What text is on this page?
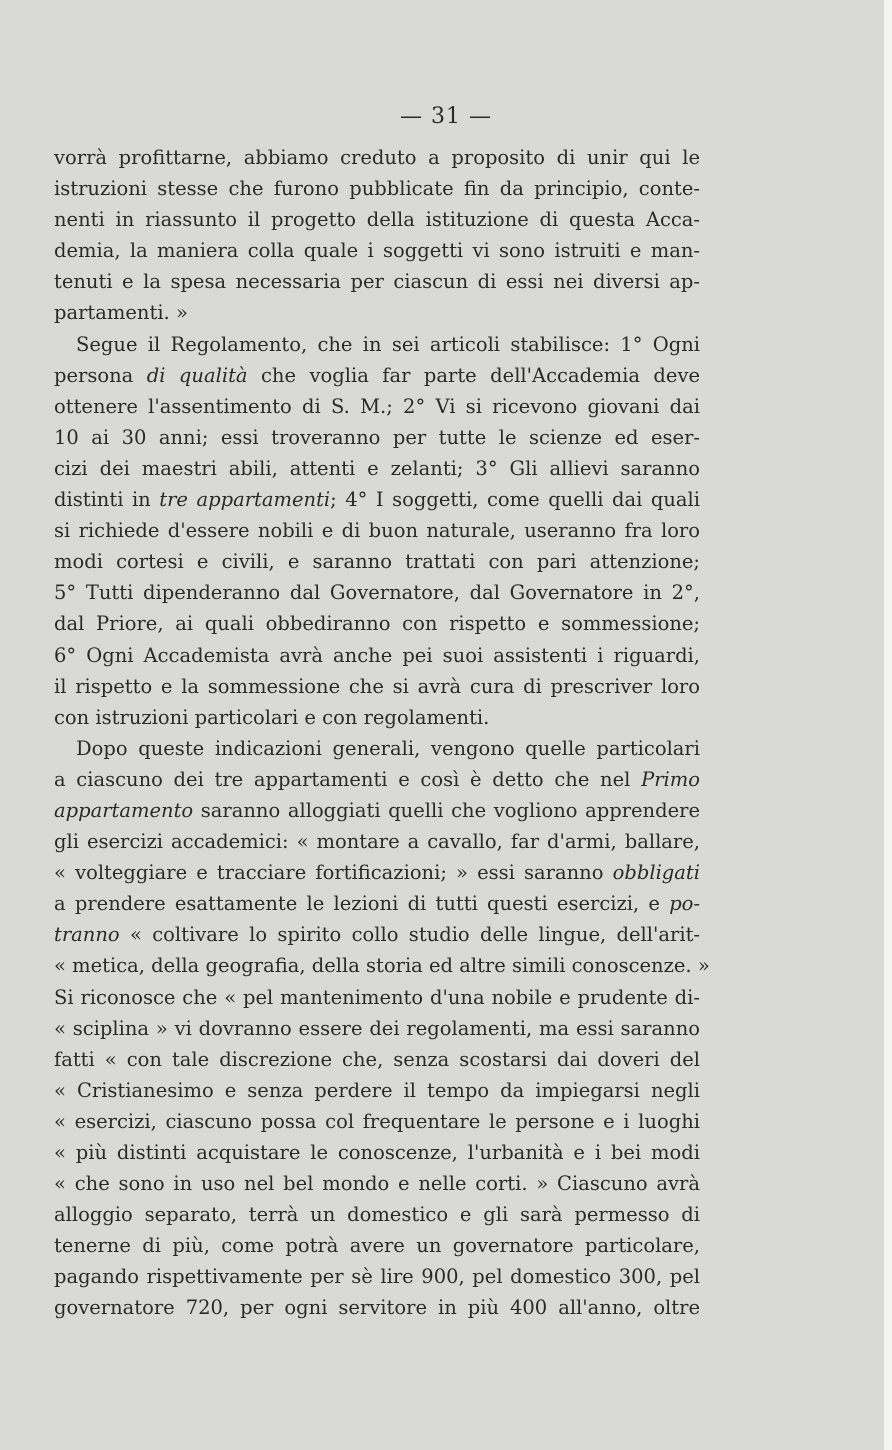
— 31 —
vorrà profittarne, abbiamo creduto a proposito di unir qui le
istruzioni stesse che furono pubblicate fin da principio, conte-
nenti in riassunto il progetto della istituzione di questa Acca-
demia, la maniera colla quale i soggetti vi sono istruiti e man-
tenuti e la spesa necessaria per ciascun di essi nei diversi ap-
partamenti. »
Segue il Regolamento, che in sei articoli stabilisce: 1° Ogni
persona di qualità che voglia far parte dell'Accademia deve
ottenere l'assentimento di S. M.; 2° Vi si ricevono giovani dai
10 ai 30 anni; essi troveranno per tutte le scienze ed eser-
cizi dei maestri abili, attenti e zelanti; 3° Gli allievi saranno
distinti in tre appartamenti; 4° I soggetti, come quelli dai quali
si richiede d'essere nobili e di buon naturale, useranno fra loro
modi cortesi e civili, e saranno trattati con pari attenzione;
5° Tutti dipenderanno dal Governatore, dal Governatore in 2°,
dal Priore, ai quali obbediranno con rispetto e sommessione;
6° Ogni Accademista avrà anche pei suoi assistenti i riguardi,
il rispetto e la sommessione che si avrà cura di prescriver loro
con istruzioni particolari e con regolamenti.
Dopo queste indicazioni generali, vengono quelle particolari
a ciascuno dei tre appartamenti e così è detto che nel Primo
appartamento saranno alloggiati quelli che vogliono apprendere
gli esercizi accademici: « montare a cavallo, far d'armi, ballare,
« volteggiare e tracciare fortificazioni; » essi saranno obbligati
a prendere esattamente le lezioni di tutti questi esercizi, e po-
tranno « coltivare lo spirito collo studio delle lingue, dell'arit-
« metica, della geografia, della storia ed altre simili conoscenze. »
Si riconosce che « pel mantenimento d'una nobile e prudente di-
« sciplina » vi dovranno essere dei regolamenti, ma essi saranno
fatti « con tale discrezione che, senza scostarsi dai doveri del
« Cristianesimo e senza perdere il tempo da impiegarsi negli
« esercizi, ciascuno possa col frequentare le persone e i luoghi
« più distinti acquistare le conoscenze, l'urbanità e i bei modi
« che sono in uso nel bel mondo e nelle corti. » Ciascuno avrà
alloggio separato, terrà un domestico e gli sarà permesso di
tenerne di più, come potrà avere un governatore particolare,
pagando rispettivamente per sè lire 900, pel domestico 300, pel
governatore 720, per ogni servitore in più 400 all'anno, oltre
